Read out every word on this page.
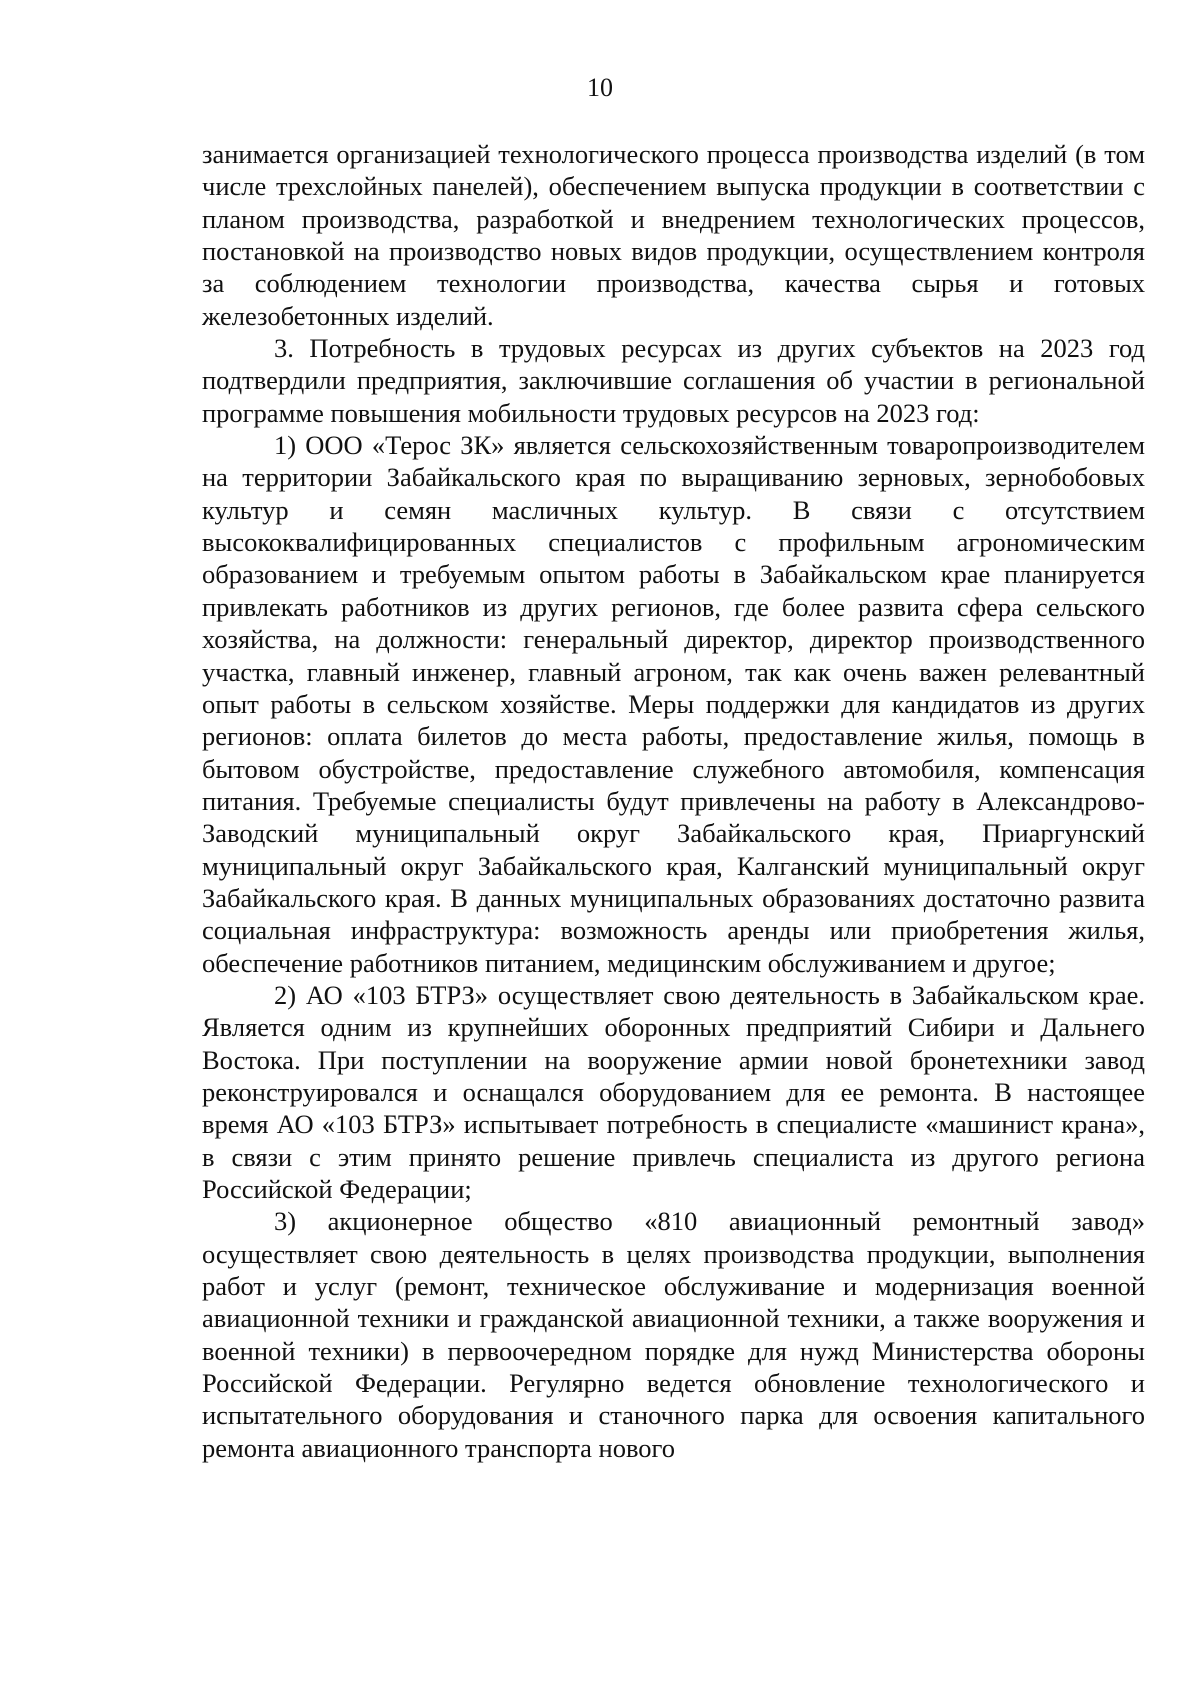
10

занимается организацией технологического процесса производства изделий (в том числе трехслойных панелей), обеспечением выпуска продукции в соответствии с планом производства, разработкой и внедрением технологических процессов, постановкой на производство новых видов продукции, осуществлением контроля за соблюдением технологии производства, качества сырья и готовых железобетонных изделий.

3. Потребность в трудовых ресурсах из других субъектов на 2023 год подтвердили предприятия, заключившие соглашения об участии в региональной программе повышения мобильности трудовых ресурсов на 2023 год:

1) ООО «Терос ЗК» является сельскохозяйственным товаропроизводителем на территории Забайкальского края по выращиванию зерновых, зернобобовых культур и семян масличных культур. В связи с отсутствием высококвалифицированных специалистов с профильным агрономическим образованием и требуемым опытом работы в Забайкальском крае планируется привлекать работников из других регионов, где более развита сфера сельского хозяйства, на должности: генеральный директор, директор производственного участка, главный инженер, главный агроном, так как очень важен релевантный опыт работы в сельском хозяйстве. Меры поддержки для кандидатов из других регионов: оплата билетов до места работы, предоставление жилья, помощь в бытовом обустройстве, предоставление служебного автомобиля, компенсация питания. Требуемые специалисты будут привлечены на работу в Александрово-Заводский муниципальный округ Забайкальского края, Приаргунский муниципальный округ Забайкальского края, Калганский муниципальный округ Забайкальского края. В данных муниципальных образованиях достаточно развита социальная инфраструктура: возможность аренды или приобретения жилья, обеспечение работников питанием, медицинским обслуживанием и другое;

2) АО «103 БТРЗ» осуществляет свою деятельность в Забайкальском крае. Является одним из крупнейших оборонных предприятий Сибири и Дальнего Востока. При поступлении на вооружение армии новой бронетехники завод реконструировался и оснащался оборудованием для ее ремонта. В настоящее время АО «103 БТРЗ» испытывает потребность в специалисте «машинист крана», в связи с этим принято решение привлечь специалиста из другого региона Российской Федерации;

3) акционерное общество «810 авиационный ремонтный завод» осуществляет свою деятельность в целях производства продукции, выполнения работ и услуг (ремонт, техническое обслуживание и модернизация военной авиационной техники и гражданской авиационной техники, а также вооружения и военной техники) в первоочередном порядке для нужд Министерства обороны Российской Федерации. Регулярно ведется обновление технологического и испытательного оборудования и станочного парка для освоения капитального ремонта авиационного транспорта нового
